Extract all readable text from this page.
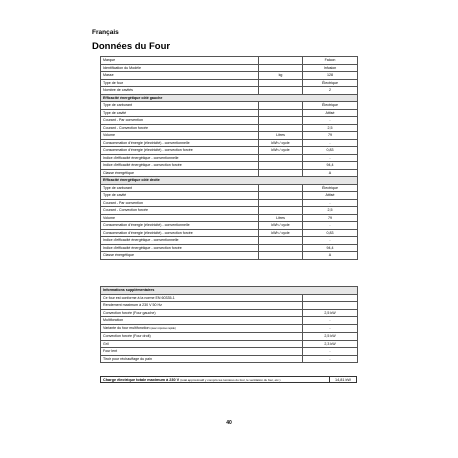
Français
Données du Four
Marque		Falcon
Identification du Modèle		Infusion
Masse	kg	128
Type de four		Électrique
Nombre de cavités		2
Efficacité énergétique côté gauche		
Type de carburant		Électrique
Type de cavité		Attisé
Courant - Par convention		-
Courant - Convection forcée		2,5
Volume	Litres	79
Consommation d'énergie (électricité) - conventionnelle	kWh / cycle	-
Consommation d'énergie (électricité) - convection forcée	kWh / cycle	0,83
Indice d'efficacité énergétique - conventionnelle		-
Indice d'efficacité énergétique - convection forcée		94,4
Classe énergétique		A
Efficacité énergétique côté droite		
Type de carburant		Électrique
Type de cavité		Attisé
Courant - Par convention		-
Courant - Convection forcée		2,5
Volume	Litres	79
Consommation d'énergie (électricité) - conventionnelle	kWh / cycle	-
Consommation d'énergie (électricité) - convection forcée	kWh / cycle	0,83
Indice d'efficacité énergétique - conventionnelle		-
Indice d'efficacité énergétique - convection forcée		94,4
Classe énergétique		A
Informations supplémentaires	
Ce four est conforme à la norme EN 60335-1	
Rendement maximum à 230 V 50 Hz	
Convection forcée (Four gauche)	2,5 kW
Multifonction	-
Variante du four multifonction (avec réponse rapide)	-
Convection forcée (Four droit)	2,5 kW
Gril	2,3 kW
Four lent	-
Tiroir pour réchauffage du pain	-
Charge électrique totale maximum à 230 V (total approximatif y compris les lumières du four, le ventilation du four, etc.)	14,81 kW
40
